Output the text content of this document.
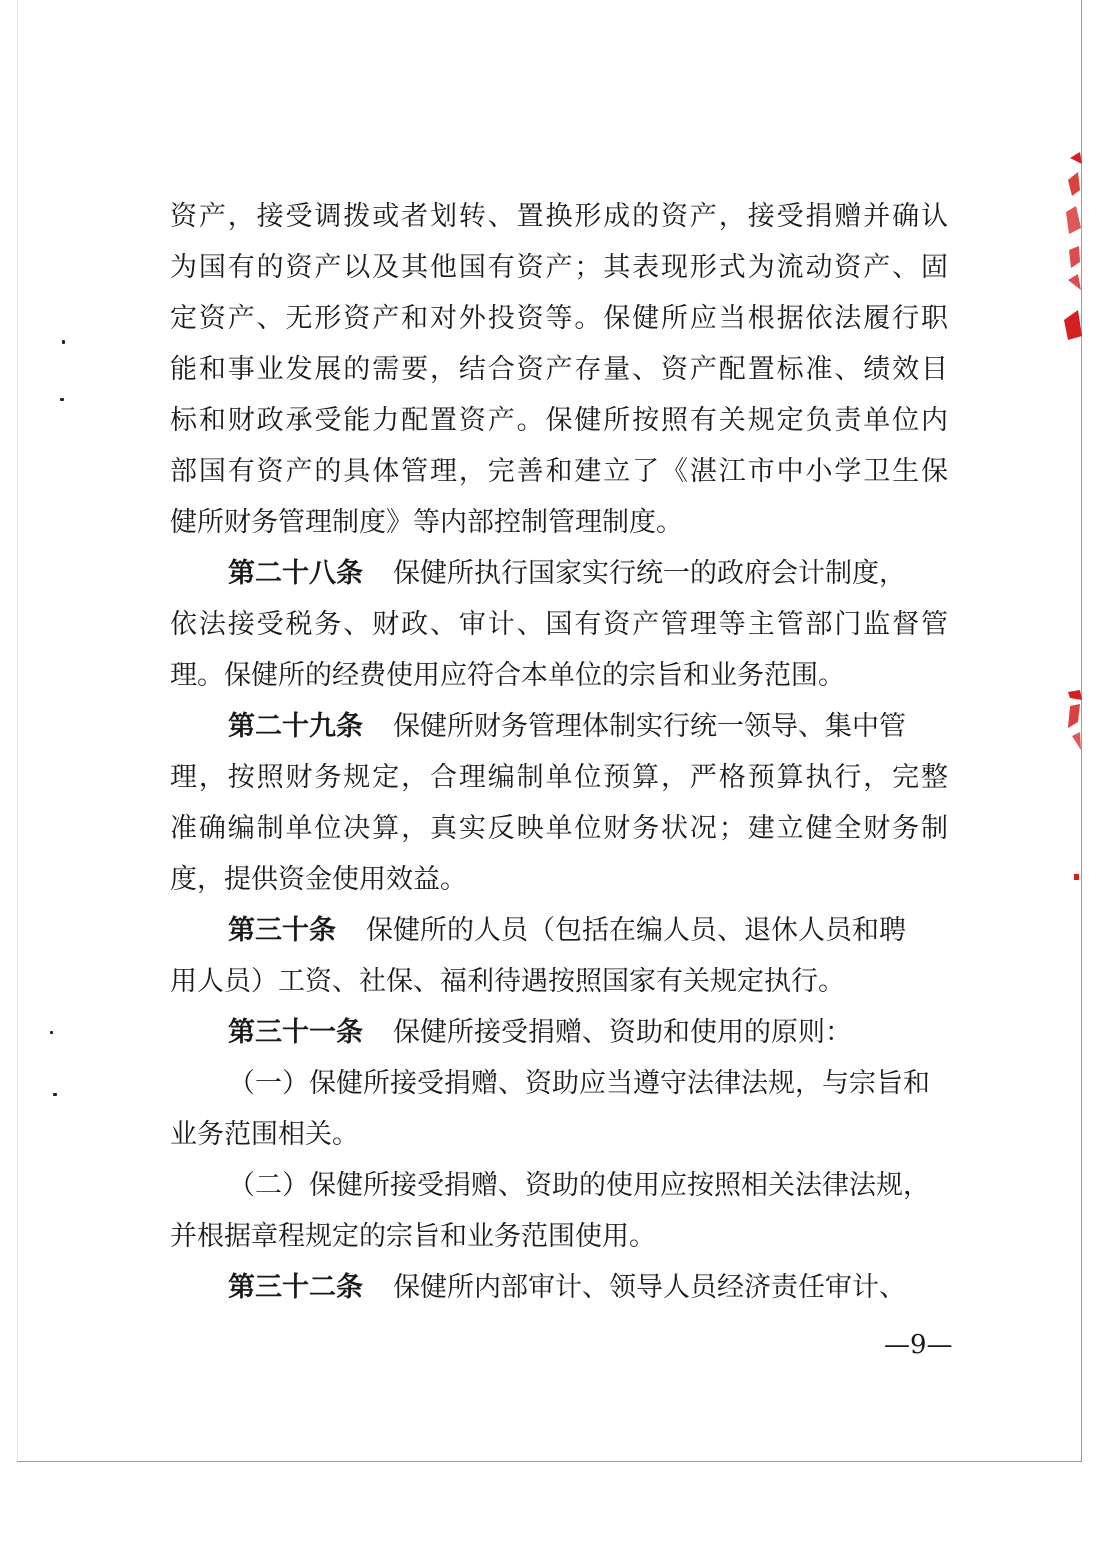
资产，接受调拨或者划转、置换形成的资产，接受捐赠并确认
为国有的资产以及其他国有资产；其表现形式为流动资产、固
定资产、无形资产和对外投资等。保健所应当根据依法履行职
能和事业发展的需要，结合资产存量、资产配置标准、绩效目
标和财政承受能力配置资产。保健所按照有关规定负责单位内
部国有资产的具体管理，完善和建立了《湛江市中小学卫生保
健所财务管理制度》等内部控制管理制度。
第二十八条 保健所执行国家实行统一的政府会计制度，
依法接受税务、财政、审计、国有资产管理等主管部门监督管
理。保健所的经费使用应符合本单位的宗旨和业务范围。
第二十九条 保健所财务管理体制实行统一领导、集中管
理，按照财务规定，合理编制单位预算，严格预算执行，完整
准确编制单位决算，真实反映单位财务状况；建立健全财务制
度，提供资金使用效益。
第三十条 保健所的人员（包括在编人员、退休人员和聘
用人员）工资、社保、福利待遇按照国家有关规定执行。
第三十一条 保健所接受捐赠、资助和使用的原则：
（一）保健所接受捐赠、资助应当遵守法律法规，与宗旨和
业务范围相关。
（二）保健所接受捐赠、资助的使用应按照相关法律法规，
并根据章程规定的宗旨和业务范围使用。
第三十二条 保健所内部审计、领导人员经济责任审计、
—9—
